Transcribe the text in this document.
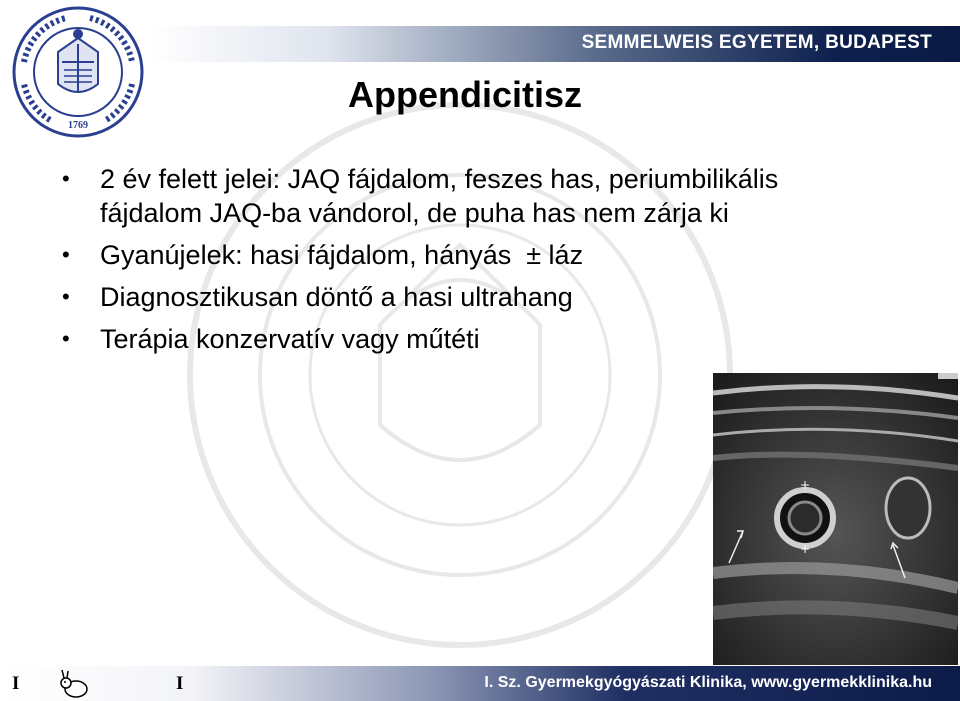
SEMMELWEIS EGYETEM, BUDAPEST
1769
Appendicitisz
• 2 év felett jelei: JAQ fájdalom, feszes has, periumbilikális
fájdalom JAQ-ba vándorol, de puha has nem zárja ki
• Gyanújelek: hasi fájdalom, hányás  ± láz
• Diagnosztikusan döntő a hasi ultrahang
• Terápia konzervatív vagy műtéti
+
+
I	I	I. Sz. Gyermekgyógyászati Klinika, www.gyermekklinika.hu
